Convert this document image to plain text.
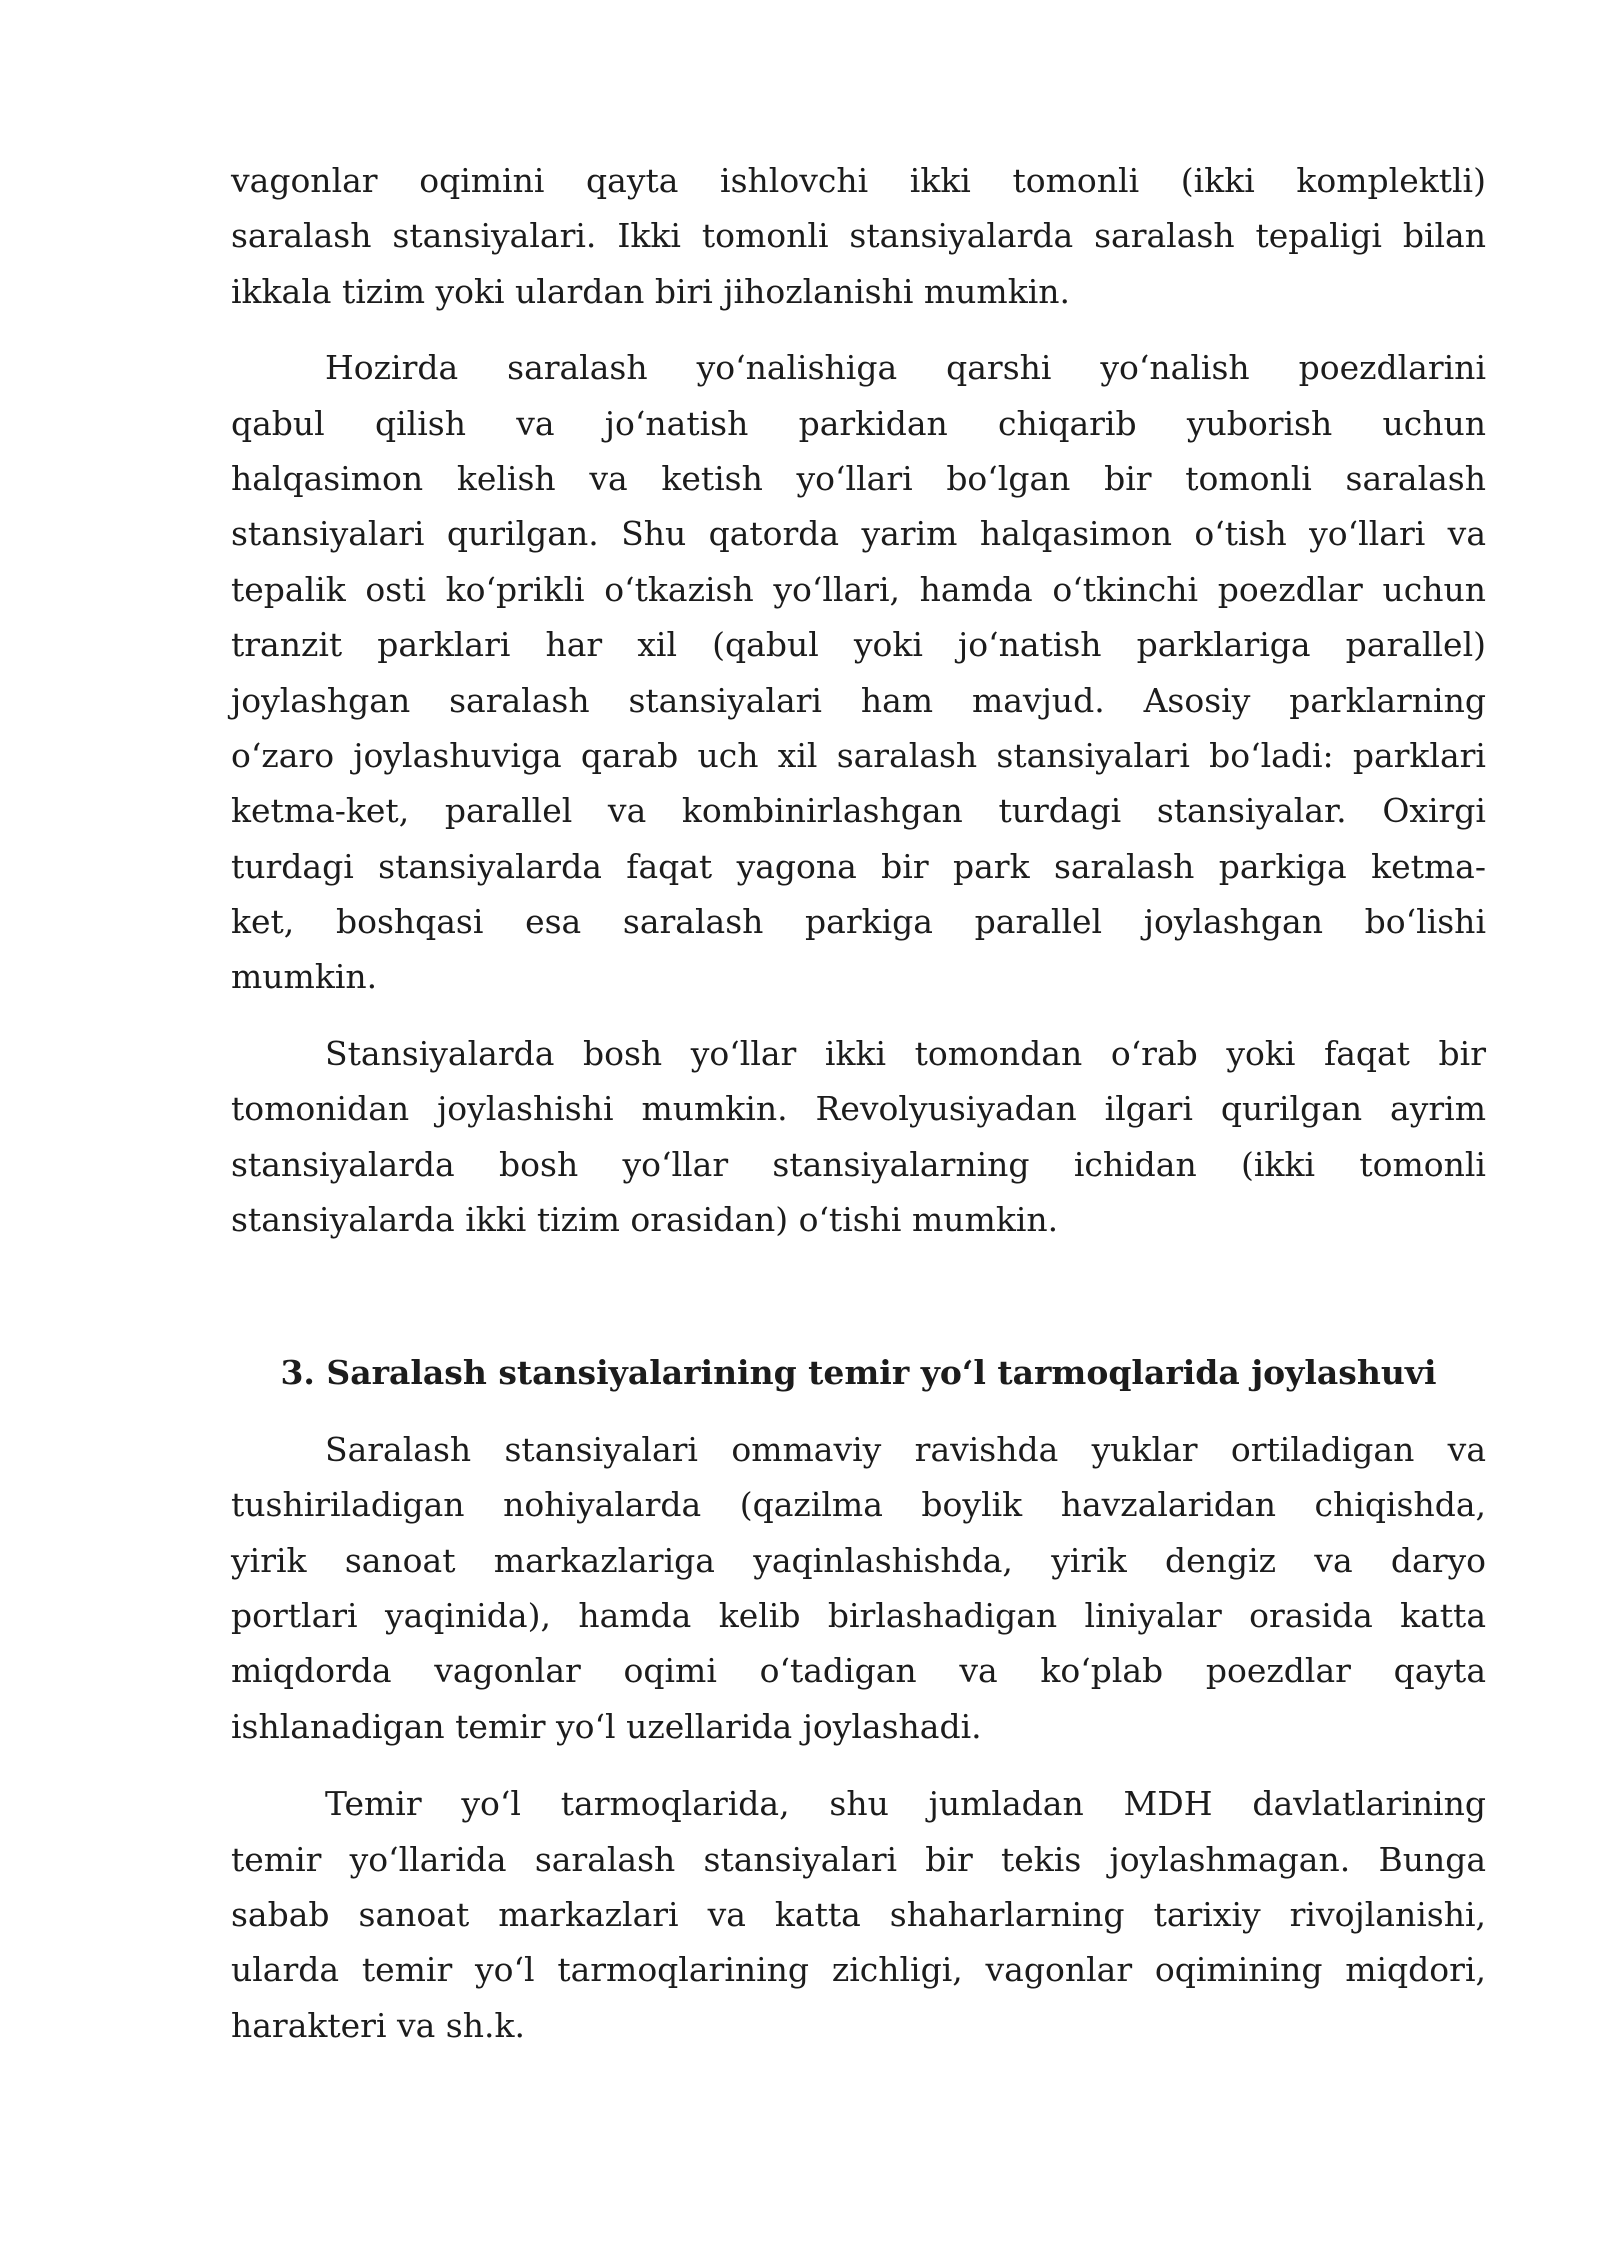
vagonlar oqimini qayta ishlovchi ikki tomonli (ikki komplektli)
saralash stansiyalari. Ikki tomonli stansiyalarda saralash tepaligi bilan
ikkala tizim yoki ulardan biri jihozlanishi mumkin.
Hozirda saralash yoʻnalishiga qarshi yoʻnalish poezdlarini
qabul qilish va joʻnatish parkidan chiqarib yuborish uchun
halqasimon kelish va ketish yoʻllari boʻlgan bir tomonli saralash
stansiyalari qurilgan. Shu qatorda yarim halqasimon oʻtish yoʻllari va
tepalik osti koʻprikli oʻtkazish yoʻllari, hamda oʻtkinchi poezdlar uchun
tranzit parklari har xil (qabul yoki joʻnatish parklariga parallel)
joylashgan saralash stansiyalari ham mavjud. Asosiy parklarning
oʻzaro joylashuviga qarab uch xil saralash stansiyalari boʻladi: parklari
ketma-ket, parallel va kombinirlashgan turdagi stansiyalar. Oxirgi
turdagi stansiyalarda faqat yagona bir park saralash parkiga ketma-
ket, boshqasi esa saralash parkiga parallel joylashgan boʻlishi
mumkin.
Stansiyalarda bosh yoʻllar ikki tomondan oʻrab yoki faqat bir
tomonidan joylashishi mumkin. Revolyusiyadan ilgari qurilgan ayrim
stansiyalarda bosh yoʻllar stansiyalarning ichidan (ikki tomonli
stansiyalarda ikki tizim orasidan) oʻtishi mumkin.
3. Saralash stansiyalarining temir yoʻl tarmoqlarida joylashuvi
Saralash stansiyalari ommaviy ravishda yuklar ortiladigan va
tushiriladigan nohiyalarda (qazilma boylik havzalaridan chiqishda,
yirik sanoat markazlariga yaqinlashishda, yirik dengiz va daryo
portlari yaqinida), hamda kelib birlashadigan liniyalar orasida katta
miqdorda vagonlar oqimi oʻtadigan va koʻplab poezdlar qayta
ishlanadigan temir yoʻl uzellarida joylashadi.
Temir yoʻl tarmoqlarida, shu jumladan MDH davlatlarining
temir yoʻllarida saralash stansiyalari bir tekis joylashmagan. Bunga
sabab sanoat markazlari va katta shaharlarning tarixiy rivojlanishi,
ularda temir yoʻl tarmoqlarining zichligi, vagonlar oqimining miqdori,
harakteri va sh.k.
